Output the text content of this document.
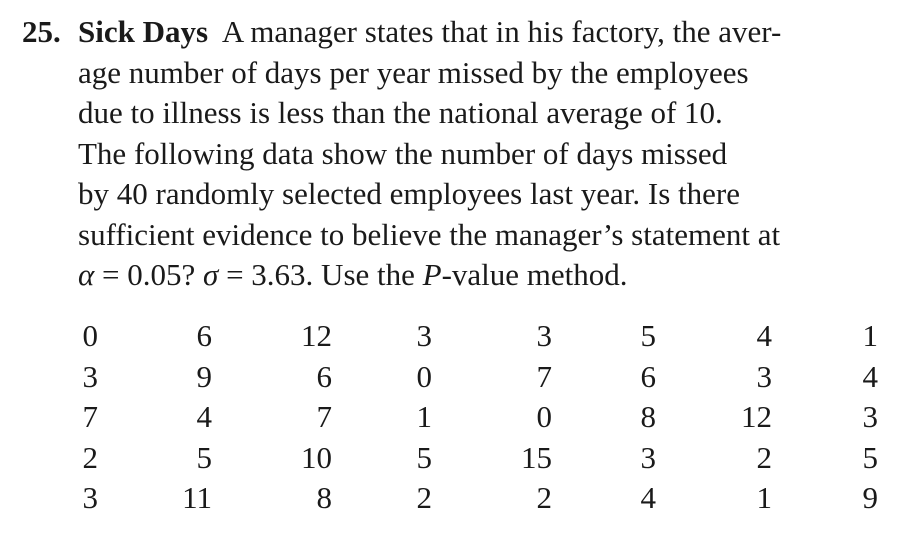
25. Sick Days A manager states that in his factory, the aver-
age number of days per year missed by the employees
due to illness is less than the national average of 10.
The following data show the number of days missed
by 40 randomly selected employees last year. Is there
sufficient evidence to believe the manager’s statement at
α = 0.05? σ = 3.63. Use the P-value method.
0	6	12	3	3	5	4	1
3	9	6	0	7	6	3	4
7	4	7	1	0	8	12	3
2	5	10	5	15	3	2	5
3	11	8	2	2	4	1	9
